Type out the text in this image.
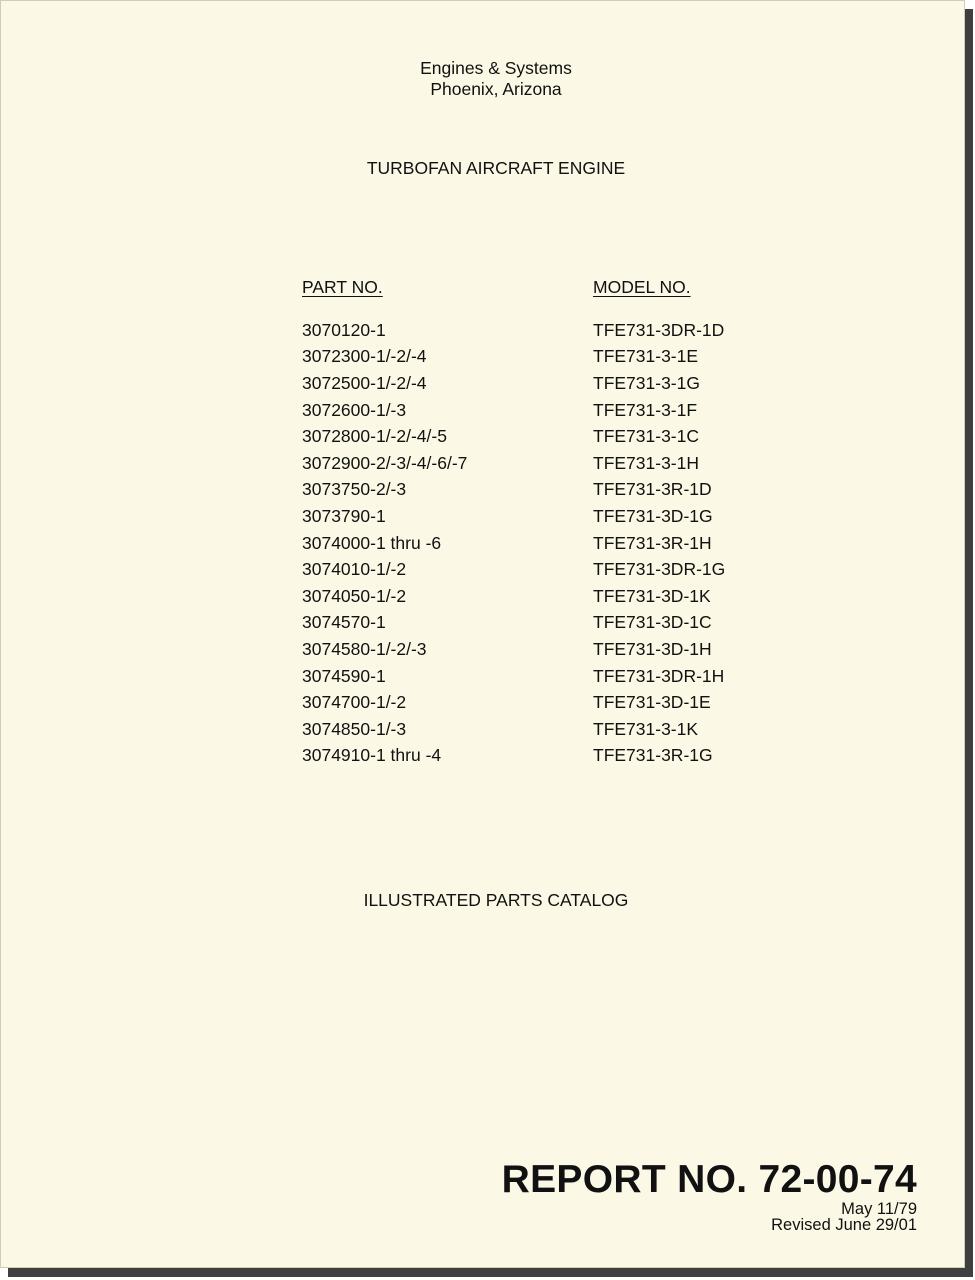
Engines & Systems

Phoenix, Arizona

TURBOFAN AIRCRAFT ENGINE

PART NO.	MODEL NO.
3070120-1	TFE731-3DR-1D
3072300-1/-2/-4	TFE731-3-1E
3072500-1/-2/-4	TFE731-3-1G
3072600-1/-3	TFE731-3-1F
3072800-1/-2/-4/-5	TFE731-3-1C
3072900-2/-3/-4/-6/-7	TFE731-3-1H
3073750-2/-3	TFE731-3R-1D
3073790-1	TFE731-3D-1G
3074000-1 thru -6	TFE731-3R-1H
3074010-1/-2	TFE731-3DR-1G
3074050-1/-2	TFE731-3D-1K
3074570-1	TFE731-3D-1C
3074580-1/-2/-3	TFE731-3D-1H
3074590-1	TFE731-3DR-1H
3074700-1/-2	TFE731-3D-1E
3074850-1/-3	TFE731-3-1K
3074910-1 thru -4	TFE731-3R-1G

ILLUSTRATED PARTS CATALOG

REPORT NO. 72-00-74

May 11/79

Revised June 29/01
